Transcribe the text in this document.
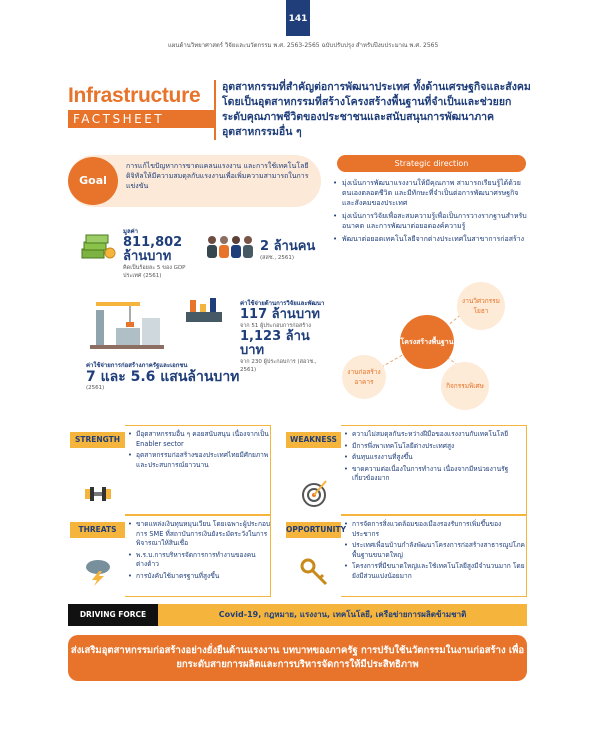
141
แผนด้านวิทยาศาสตร์ วิจัยและนวัตกรรม พ.ศ. 2563-2565 ฉบับปรับปรุง สำหรับปีงบประมาณ พ.ศ. 2565
Infrastructure
FACTSHEET
อุตสาหกรรมที่สำคัญต่อการพัฒนาประเทศ ทั้งด้านเศรษฐกิจและสังคม โดยเป็นอุตสาหกรรมที่สร้างโครงสร้างพื้นฐานที่จำเป็นและช่วยยกระดับคุณภาพชีวิตของประชาชนและสนับสนุนการพัฒนาภาคอุตสาหกรรมอื่น ๆ
Goal
การแก้ไขปัญหาการขาดแคลนแรงงาน และการใช้เทคโนโลยีดิจิทัลให้มีความสมดุลกับแรงงานเพื่อเพิ่มความสามารถในการแข่งขัน
Strategic direction
• มุ่งเน้นการพัฒนาแรงงานให้มีคุณภาพ สามารถเรียนรู้ได้ด้วยตนเองตลอดชีวิต และมีทักษะที่จำเป็นต่อการพัฒนาศรษฐกิจและสังคมของประเทศ
• มุ่งเน้นการวิจัยเพื่อสะสมความรู้เพื่อเป็นการวางรากฐานสำหรับอนาคต และการพัฒนาต่อยอดองค์ความรู้
• พัฒนาต่อยอดเทคโนโลยีจากต่างประเทศในสาขาการก่อสร้าง
มูลค่า
811,802
ล้านบาท
คิดเป็นร้อยละ 5 ของ GDP ประเทศ (2561)
2 ล้านคน
(สสช., 2561)
ค่าใช้จ่ายด้านการวิจัยและพัฒนา
117 ล้านบาท
จาก 51 ผู้ประกอบการก่อสร้าง
1,123 ล้านบาท
จาก 230 ผู้ประกอบการ (สอวช., 2561)
ค่าใช้จ่ายการก่อสร้างภาครัฐและเอกชน
7 และ 5.6 แสนล้านบาท
(2561)
โครงสร้างพื้นฐาน
งานวิศวกรรมโยธา
กิจกรรมพิเศษ
งานก่อสร้างอาคาร
STRENGTH
• มีอุตสาหกรรมอื่น ๆ คอยสนับสนุน เนื่องจากเป็น Enabler sector
• อุตสาหกรรมก่อสร้างของประเทศไทยมีศักยภาพและประสบการณ์ยาวนาน
WEAKNESS
• ความไม่สมดุลกันระหว่างฝีมือของแรงงานกับเทคโนโลยี
• มีการพึ่งพาเทคโนโลยีต่างประเทศสูง
• ต้นทุนแรงงานที่สูงขึ้น
• ขาดความต่อเนื่องในการทำงาน เนื่องจากมีหน่วยงานรัฐเกี่ยวข้องมาก
THREATS
• ขาดแหล่งเงินทุนหมุนเวียน โดยเฉพาะผู้ประกอบการ SME ที่สถาบันการเงินยังระมัดระวังในการพิจารณาให้สินเชื่อ
• พ.ร.บ.การบริหารจัดการการทำงานของคนต่างด้าว
• การบังคับใช้มาตรฐานที่สูงขึ้น
OPPORTUNITY
• การจัดการสิ่งแวดล้อมของเมืองรองรับการเพิ่มขึ้นของประชากร
• ประเทศเพื่อนบ้านกำลังพัฒนาโครงการก่อสร้างสาธารณูปโภคพื้นฐานขนาดใหญ่
• โครงการที่มีขนาดใหญ่และใช้เทคโนโลยีสูงมีจำนวนมาก โดยยังมีส่วนแบ่งน้อยมาก
DRIVING FORCE	Covid-19, กฎหมาย, แรงงาน, เทคโนโลยี, เครือข่ายการผลิตข้ามชาติ
ส่งเสริมอุตสาหกรรมก่อสร้างอย่างยั่งยืนด้านแรงงาน บทบาทของภาครัฐ การปรับใช้นวัตกรรมในงานก่อสร้าง เพื่อยกระดับสายการผลิตและการบริหารจัดการให้มีประสิทธิภาพ
